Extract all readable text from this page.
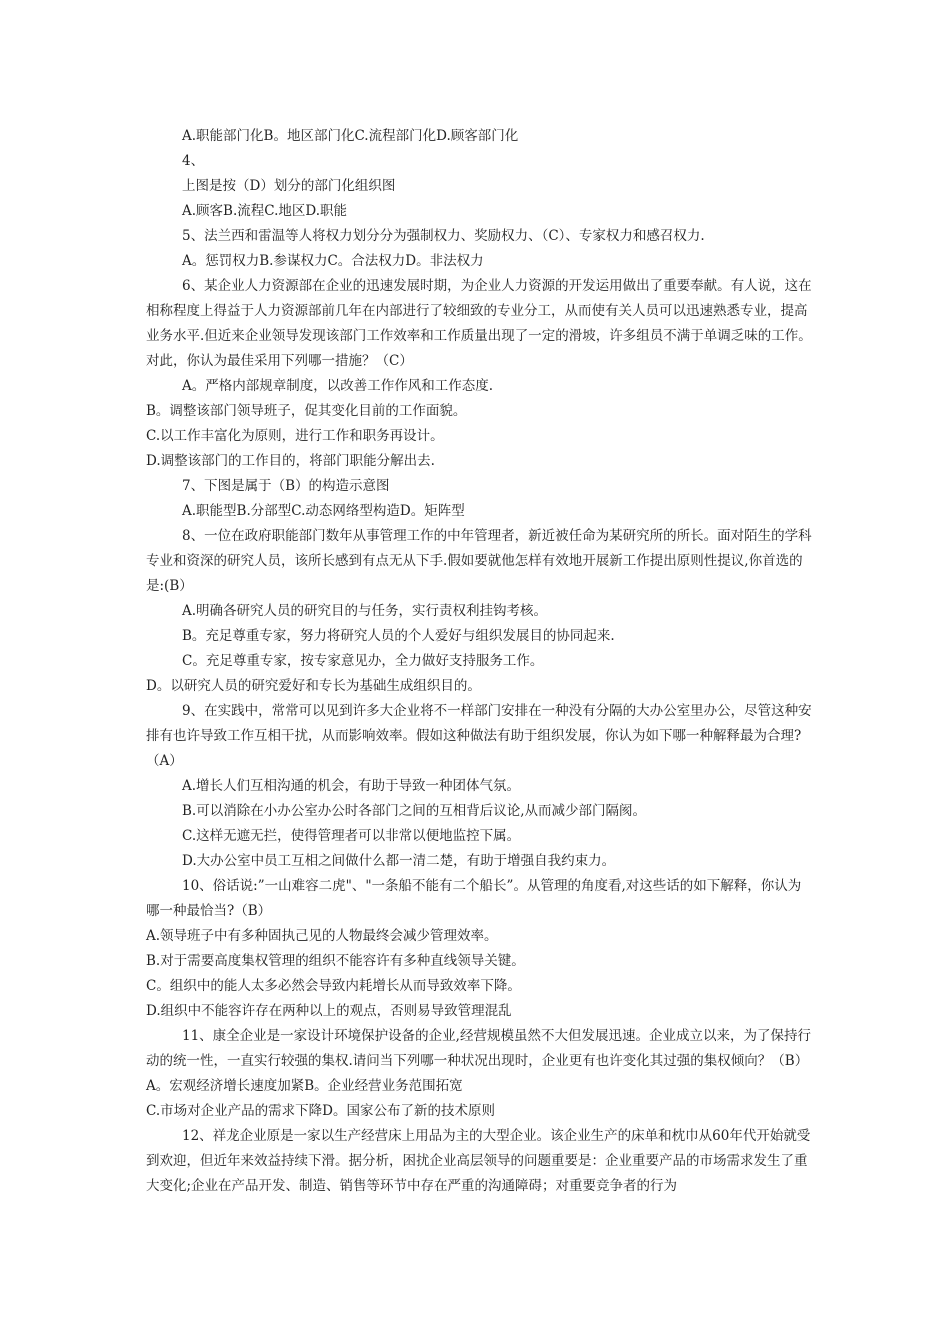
A.职能部门化B。地区部门化C.流程部门化D.顾客部门化

4、

上图是按（D）划分的部门化组织图

A.顾客B.流程C.地区D.职能

5、法兰西和雷温等人将权力划分分为强制权力、奖励权力、（C）、专家权力和感召权力.

A。惩罚权力B.参谋权力C。合法权力D。非法权力

6、某企业人力资源部在企业的迅速发展时期，为企业人力资源的开发运用做出了重要奉献。有人说，这在相称程度上得益于人力资源部前几年在内部进行了较细致的专业分工，从而使有关人员可以迅速熟悉专业，提高业务水平.但近来企业领导发现该部门工作效率和工作质量出现了一定的滑坡，许多组员不满于单调乏味的工作。对此，你认为最佳采用下列哪一措施？（C）

A。严格内部规章制度，以改善工作作风和工作态度.

B。调整该部门领导班子，促其变化目前的工作面貌。

C.以工作丰富化为原则，进行工作和职务再设计。

D.调整该部门的工作目的，将部门职能分解出去.

7、下图是属于（B）的构造示意图

A.职能型B.分部型C.动态网络型构造D。矩阵型

8、一位在政府职能部门数年从事管理工作的中年管理者，新近被任命为某研究所的所长。面对陌生的学科专业和资深的研究人员，该所长感到有点无从下手.假如要就他怎样有效地开展新工作提出原则性提议,你首选的是:(B）

A.明确各研究人员的研究目的与任务，实行责权利挂钩考核。

B。充足尊重专家，努力将研究人员的个人爱好与组织发展目的协同起来.

C。充足尊重专家，按专家意见办，全力做好支持服务工作。

D。以研究人员的研究爱好和专长为基础生成组织目的。

9、在实践中，常常可以见到许多大企业将不一样部门安排在一种没有分隔的大办公室里办公，尽管这种安排有也许导致工作互相干扰，从而影响效率。假如这种做法有助于组织发展，你认为如下哪一种解释最为合理?（A）

A.增长人们互相沟通的机会，有助于导致一种团体气氛。

B.可以消除在小办公室办公时各部门之间的互相背后议论,从而减少部门隔阂。

C.这样无遮无拦，使得管理者可以非常以便地监控下属。

D.大办公室中员工互相之间做什么都一清二楚，有助于增强自我约束力。

10、俗话说:”一山难容二虎"、"一条船不能有二个船长”。从管理的角度看,对这些话的如下解释，你认为哪一种最恰当?（B）

A.领导班子中有多种固执己见的人物最终会减少管理效率。

B.对于需要高度集权管理的组织不能容许有多种直线领导关键。

C。组织中的能人太多必然会导致内耗增长从而导致效率下降。

D.组织中不能容许存在两种以上的观点，否则易导致管理混乱

11、康全企业是一家设计环境保护设备的企业,经营规模虽然不大但发展迅速。企业成立以来，为了保持行动的统一性，一直实行较强的集权.请问当下列哪一种状况出现时，企业更有也许变化其过强的集权倾向？（B）

A。宏观经济增长速度加紧B。企业经营业务范围拓宽

C.市场对企业产品的需求下降D。国家公布了新的技术原则

12、祥龙企业原是一家以生产经营床上用品为主的大型企业。该企业生产的床单和枕巾从60年代开始就受到欢迎，但近年来效益持续下滑。据分析，困扰企业高层领导的问题重要是：企业重要产品的市场需求发生了重大变化;企业在产品开发、制造、销售等环节中存在严重的沟通障碍；对重要竞争者的行为
